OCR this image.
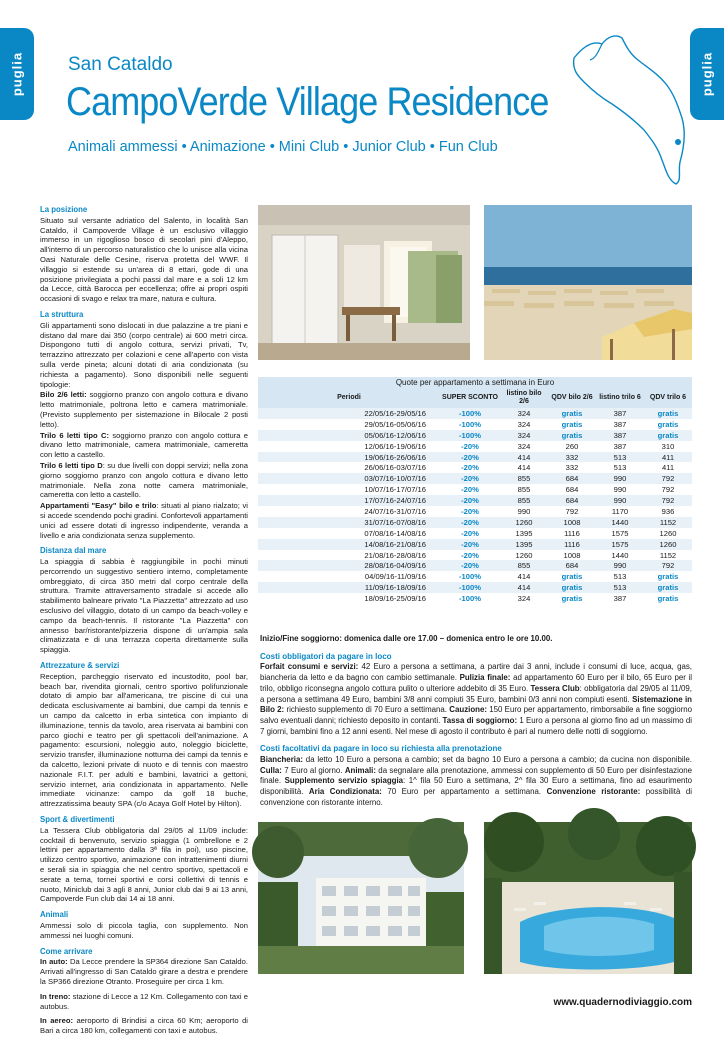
puglia	puglia
San Cataldo
CampoVerde Village Residence
Animali ammessi • Animazione • Mini Club • Junior Club • Fun Club
La posizione

Situato sul versante adriatico del Salento, in località San Cataldo, il Campoverde Village è un esclusivo villaggio immerso in un rigoglioso bosco di secolari pini d'Aleppo, all'interno di un percorso naturalistico che lo unisce alla vicina Oasi Naturale delle Cesine, riserva protetta del WWF. Il villaggio si estende su un'area di 8 ettari, gode di una posizione privilegiata a pochi passi dal mare e a soli 12 km da Lecce, città Barocca per eccellenza; offre ai propri ospiti occasioni di svago e relax tra mare, natura e cultura.

La struttura

Gli appartamenti sono dislocati in due palazzine a tre piani e distano dal mare dai 350 (corpo centrale) ai 600 metri circa. Dispongono tutti di angolo cottura, servizi privati, Tv, terrazzino attrezzato per colazioni e cene all'aperto con vista sulla verde pineta; alcuni dotati di aria condizionata (su richiesta a pagamento). Sono disponibili nelle seguenti tipologie:

Bilo 2/6 letti: soggiorno pranzo con angolo cottura e divano letto matrimoniale, poltrona letto e camera matrimoniale. (Previsto supplemento per sistemazione in Bilocale 2 posti letto).

Trilo 6 letti tipo C: soggiorno pranzo con angolo cottura e divano letto matrimoniale, camera matrimoniale, cameretta con letto a castello.

Trilo 6 letti tipo D: su due livelli con doppi servizi; nella zona giorno soggiorno pranzo con angolo cottura e divano letto matrimoniale. Nella zona notte camera matrimoniale, cameretta con letto a castello.

Appartamenti "Easy" bilo e trilo: situati al piano rialzato; vi si accede scendendo pochi gradini. Confortevoli appartamenti unici ad essere dotati di ingresso indipendente, veranda a livello e aria condizionata senza supplemento.

Distanza dal mare

La spiaggia di sabbia è raggiungibile in pochi minuti percorrendo un suggestivo sentiero interno, completamente ombreggiato, di circa 350 metri dal corpo centrale della struttura. Tramite attraversamento stradale si accede allo stabilimento balneare privato "La Piazzetta" attrezzato ad uso esclusivo del villaggio, dotato di un campo da beach-volley e campo da beach-tennis. Il ristorante "La Piazzetta" con annesso bar/ristorante/pizzeria dispone di un'ampia sala climatizzata e di una terrazza coperta direttamente sulla spiaggia.

Attrezzature & servizi

Reception, parcheggio riservato ed incustodito, pool bar, beach bar, rivendita giornali, centro sportivo polifunzionale dotato di ampio bar all'americana, tre piscine di cui una dedicata esclusivamente ai bambini, due campi da tennis e un campo da calcetto in erba sintetica con impianto di illuminazione, tennis da tavolo, area riservata ai bambini con parco giochi e teatro per gli spettacoli dell'animazione. A pagamento: escursioni, noleggio auto, noleggio biciclette, servizio transfer, illuminazione notturna dei campi da tennis e da calcetto, lezioni private di nuoto e di tennis con maestro nazionale F.I.T. per adulti e bambini, lavatrici a gettoni, servizio internet, aria condizionata in appartamento. Nelle immediate vicinanze: campo da golf 18 buche, attrezzatissima beauty SPA (c/o Acaya Golf Hotel by Hilton).

Sport & divertimenti

La Tessera Club obbligatoria dal 29/05 al 11/09 include: cocktail di benvenuto, servizio spiaggia (1 ombrellone e 2 lettini per appartamento dalla 3ª fila in poi), uso piscine, utilizzo centro sportivo, animazione con intrattenimenti diurni e serali sia in spiaggia che nel centro sportivo, spettacoli e serate a tema, tornei sportivi e corsi collettivi di tennis e nuoto, Miniclub dai 3 agli 8 anni, Junior club dai 9 ai 13 anni, Campoverde Fun club dai 14 ai 18 anni.

Animali

Ammessi solo di piccola taglia, con supplemento. Non ammessi nei luoghi comuni.

Come arrivare

In auto: Da Lecce prendere la SP364 direzione San Cataldo. Arrivati all'ingresso di San Cataldo girare a destra e prendere la SP366 direzione Otranto. Proseguire per circa 1 km.

In treno: stazione di Lecce a 12 Km. Collegamento con taxi e autobus.

In aereo: aeroporto di Brindisi a circa 60 Km; aeroporto di Bari a circa 180 km, collegamenti con taxi e autobus.

Quote per appartamento a settimana in Euro					
Periodi	SUPER SCONTO	listino bilo 2/6	QDV bilo 2/6	listino trilo 6	QDV trilo 6
22/05/16-29/05/16	-100%	324	gratis	387	gratis
29/05/16-05/06/16	-100%	324	gratis	387	gratis
05/06/16-12/06/16	-100%	324	gratis	387	gratis
12/06/16-19/06/16	-20%	324	260	387	310
19/06/16-26/06/16	-20%	414	332	513	411
26/06/16-03/07/16	-20%	414	332	513	411
03/07/16-10/07/16	-20%	855	684	990	792
10/07/16-17/07/16	-20%	855	684	990	792
17/07/16-24/07/16	-20%	855	684	990	792
24/07/16-31/07/16	-20%	990	792	1170	936
31/07/16-07/08/16	-20%	1260	1008	1440	1152
07/08/16-14/08/16	-20%	1395	1116	1575	1260
14/08/16-21/08/16	-20%	1395	1116	1575	1260
21/08/16-28/08/16	-20%	1260	1008	1440	1152
28/08/16-04/09/16	-20%	855	684	990	792
04/09/16-11/09/16	-100%	414	gratis	513	gratis
11/09/16-18/09/16	-100%	414	gratis	513	gratis
18/09/16-25/09/16	-100%	324	gratis	387	gratis

Inizio/Fine soggiorno: domenica dalle ore 17.00 – domenica entro le ore 10.00.

Costi obbligatori da pagare in loco

Forfait consumi e servizi: 42 Euro a persona a settimana, a partire dai 3 anni, include i consumi di luce, acqua, gas, biancheria da letto e da bagno con cambio settimanale. Pulizia finale: ad appartamento 60 Euro per il bilo, 65 Euro per il trilo, obbligo riconsegna angolo cottura pulito o ulteriore addebito di 35 Euro. Tessera Club: obbligatoria dal 29/05 al 11/09, a persona a settimana 49 Euro, bambini 3/8 anni compiuti 35 Euro, bambini 0/3 anni non compiuti esenti. Sistemazione in Bilo 2: richiesto supplemento di 70 Euro a settimana. Cauzione: 150 Euro per appartamento, rimborsabile a fine soggiorno salvo eventuali danni; richiesto deposito in contanti. Tassa di soggiorno: 1 Euro a persona al giorno fino ad un massimo di 7 giorni, bambini fino a 12 anni esenti. Nel mese di agosto il contributo è pari al numero delle notti di soggiorno.

Costi facoltativi da pagare in loco su richiesta alla prenotazione

Biancheria: da letto 10 Euro a persona a cambio; set da bagno 10 Euro a persona a cambio; da cucina non disponibile. Culla: 7 Euro al giorno. Animali: da segnalare alla prenotazione, ammessi con supplemento di 50 Euro per disinfestazione finale. Supplemento servizio spiaggia: 1^ fila 50 Euro a settimana, 2^ fila 30 Euro a settimana, fino ad esaurimento disponibilità. Aria Condizionata: 70 Euro per appartamento a settimana. Convenzione ristorante: possibilità di convenzione con ristorante interno.

www.quadernodiviaggio.com
